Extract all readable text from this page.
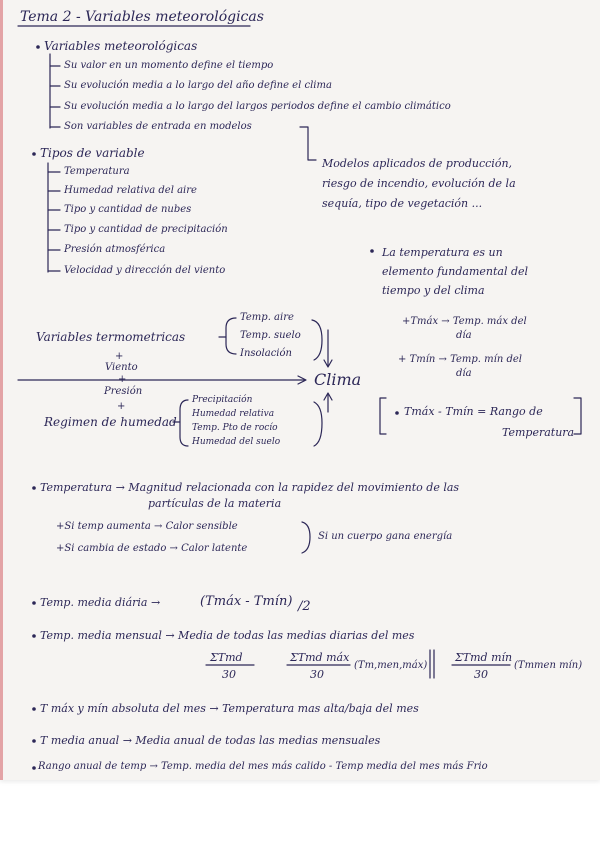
Tema 2 - Variables meteorológicas
Variables meteorológicas
Su valor en un momento define el tiempo
Su evolución media a lo largo del año define el clima
Su evolución media a lo largo del largos periodos define el cambio climático
Son variables de entrada en modelos
Tipos de variable
Temperatura
Humedad relativa del aire
Tipo y cantidad de nubes
Tipo y cantidad de precipitación
Presión atmosférica
Velocidad y dirección del viento
Modelos aplicados de producción, riesgo de incendio, evolución de la sequía, tipo de vegetación ...
La temperatura es un elemento fundamental del tiempo y del clima
Variables termometricas
Temp. aire
Temp. suelo
Insolación
+
Viento
+
Presión
+
Regimen de humedad
Precipitación
Humedad relativa
Temp. Pto de rocío
Humedad del suelo
Clima
+Tmáx → Temp. máx del
día
+ Tmín → Temp. mín del
día
Tmáx - Tmín = Rango de
Temperatura
Temperatura → Magnitud relacionada con la rapidez del movimiento de las
partículas de la materia
+Si temp aumenta → Calor sensible
+Si cambia de estado → Calor latente
Si un cuerpo gana energía
Temp. media diária →	(Tmáx - Tmín) /2
Temp. media mensual → Media de todas las medias diarias del mes
ΣTmd
30
ΣTmd máx
30
(Tm,men,máx)
ΣTmd mín
30
(Tmmen mín)
T máx y mín absoluta del mes → Temperatura mas alta/baja del mes
T media anual → Media anual de todas las medias mensuales
Rango anual de temp → Temp. media del mes más calido - Temp media del mes más Frio
